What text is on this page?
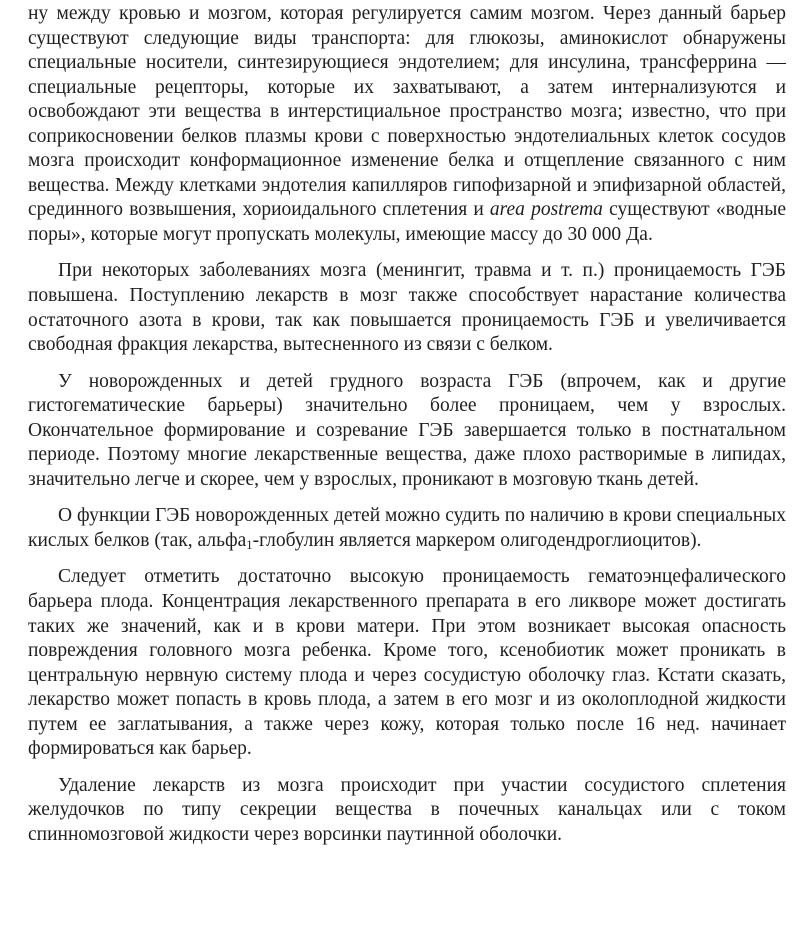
ну между кровью и мозгом, которая регулируется самим мозгом. Через данный барьер существуют следующие виды транспорта: для глюкозы, аминокислот обнаружены специальные носители, синтезирующиеся эндотелием; для инсулина, трансферрина — специальные рецепторы, которые их захватывают, а затем интернализуются и освобождают эти вещества в интерстициальное пространство мозга; известно, что при соприкосновении белков плазмы крови с поверхностью эндотелиальных клеток сосудов мозга происходит конформационное изменение белка и отщепление связанного с ним вещества. Между клетками эндотелия капилляров гипофизарной и эпифизарной областей, срединного возвышения, хориоидального сплетения и area postrema существуют «водные поры», которые могут пропускать молекулы, имеющие массу до 30 000 Да.

При некоторых заболеваниях мозга (менингит, травма и т. п.) проницаемость ГЭБ повышена. Поступлению лекарств в мозг также способствует нарастание количества остаточного азота в крови, так как повышается проницаемость ГЭБ и увеличивается свободная фракция лекарства, вытесненного из связи с белком.

У новорожденных и детей грудного возраста ГЭБ (впрочем, как и другие гистогематические барьеры) значительно более проницаем, чем у взрослых. Окончательное формирование и созревание ГЭБ завершается только в постнатальном периоде. Поэтому многие лекарственные вещества, даже плохо растворимые в липидах, значительно легче и скорее, чем у взрослых, проникают в мозговую ткань детей.

О функции ГЭБ новорожденных детей можно судить по наличию в крови специальных кислых белков (так, альфа$_1$-глобулин является маркером олигодендроглиоцитов).

Следует отметить достаточно высокую проницаемость гематоэнцефалического барьера плода. Концентрация лекарственного препарата в его ликворе может достигать таких же значений, как и в крови матери. При этом возникает высокая опасность повреждения головного мозга ребенка. Кроме того, ксенобиотик может проникать в центральную нервную систему плода и через сосудистую оболочку глаз. Кстати сказать, лекарство может попасть в кровь плода, а затем в его мозг и из околоплодной жидкости путем ее заглатывания, а также через кожу, которая только после 16 нед. начинает формироваться как барьер.

Удаление лекарств из мозга происходит при участии сосудистого сплетения желудочков по типу секреции вещества в почечных канальцах или с током спинномозговой жидкости через ворсинки паутинной оболочки.
